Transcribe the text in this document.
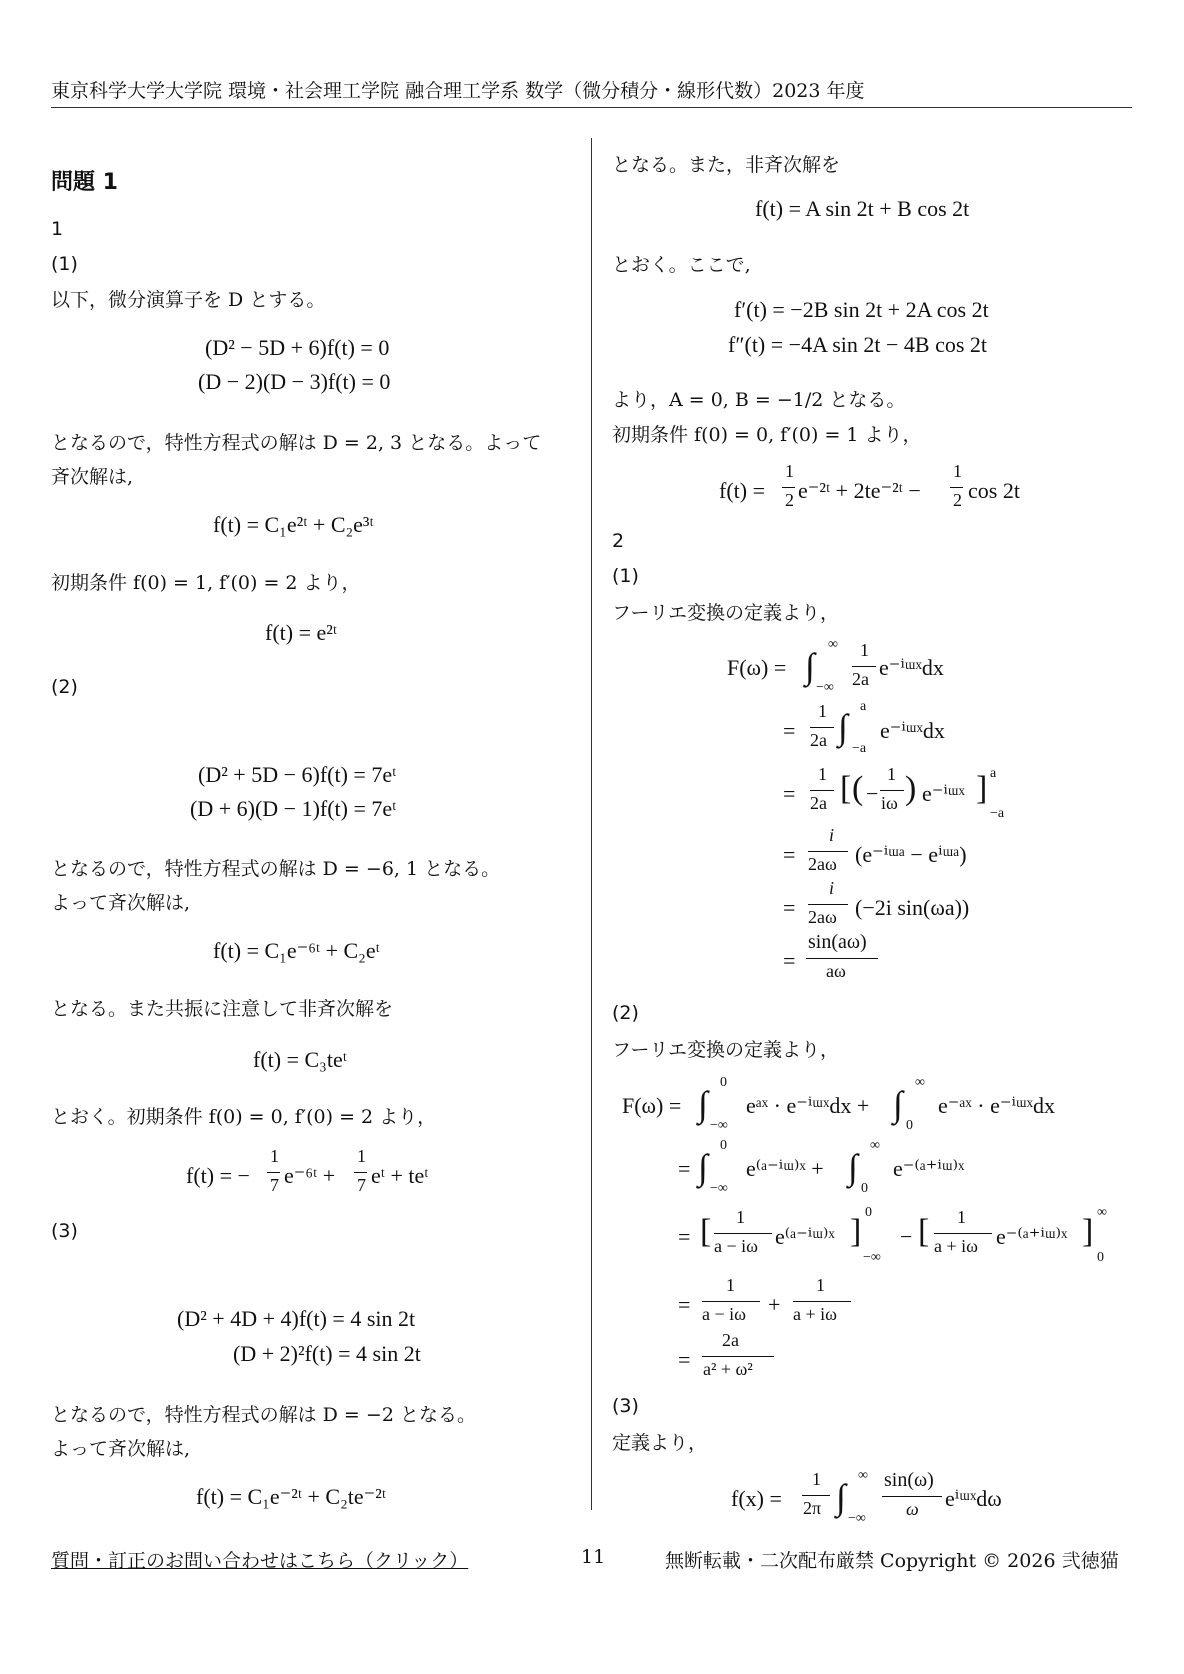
東京科学大学大学院 環境・社会理工学院 融合理工学系 数学（微分積分・線形代数）2023 年度
問題 1
1
(1)
以下，微分演算子を D とする。
(D² − 5D + 6)f(t) = 0
(D − 2)(D − 3)f(t) = 0
となるので，特性方程式の解は D = 2, 3 となる。よって
斉次解は,
f(t) = C₁e²ᵗ + C₂e³ᵗ
初期条件 f(0) = 1, f′(0) = 2 より，
f(t) = e²ᵗ
(2)
(D² + 5D − 6)f(t) = 7eᵗ
(D + 6)(D − 1)f(t) = 7eᵗ
となるので，特性方程式の解は D = −6, 1 となる。
よって斉次解は,
f(t) = C₁e⁻⁶ᵗ + C₂eᵗ
となる。また共振に注意して非斉次解を
f(t) = C₃teᵗ
とおく。初期条件 f(0) = 0, f′(0) = 2 より，
f(t) = −
1
7 e⁻⁶ᵗ +
1
7 eᵗ + teᵗ
(3)
(D² + 4D + 4)f(t) = 4 sin 2t
(D + 2)²f(t) = 4 sin 2t
となるので，特性方程式の解は D = −2 となる。
よって斉次解は,
f(t) = C₁e⁻²ᵗ + C₂te⁻²ᵗ
となる。また，非斉次解を
f(t) = A sin 2t + B cos 2t
とおく。ここで,
f′(t) = −2B sin 2t + 2A cos 2t
f″(t) = −4A sin 2t − 4B cos 2t
より，A = 0, B = −1/2 となる。
初期条件 f(0) = 0, f′(0) = 1 より，
f(t) =
1
2 e⁻²ᵗ + 2te⁻²ᵗ −
1
2 cos 2t
2
(1)
フーリエ変換の定義より，
F(ω) = ∫
∞
−∞
1
2a e⁻ⁱᵚˣdx
=
1
2a ∫
a
−a
e⁻ⁱᵚˣdx
=
1
2a [ ( −
1
iω ) e⁻ⁱᵚˣ ] a
−a
=
i
2aω (e⁻ⁱᵚᵃ − eⁱᵚᵃ)
=
i
2aω (−2i sin(ωa))
=
sin(aω)
aω
(2)
フーリエ変換の定義より，
F(ω) = ∫
0
−∞
eᵃˣ · e⁻ⁱᵚˣdx + ∫
∞
0
e⁻ᵃˣ · e⁻ⁱᵚˣdx
= ∫
0
−∞
e⁽ᵃ⁻ⁱᵚ⁾ˣ + ∫
∞
0
e⁻⁽ᵃ⁺ⁱᵚ⁾ˣ
= [ 1
a − iω e⁽ᵃ⁻ⁱᵚ⁾ˣ ]
0
−∞
− [ 1
a + iω e⁻⁽ᵃ⁺ⁱᵚ⁾ˣ ]
∞
0
=
1
a − iω +
1
a + iω
=
2a
a² + ω²
(3)
定義より，
f(x) =
1
2π ∫
∞
−∞
sin(ω)
ω eⁱᵚˣdω
質問・訂正のお問い合わせはこちら（クリック）	11	無断転載・二次配布厳禁 Copyright © 2026 弐徳猫
